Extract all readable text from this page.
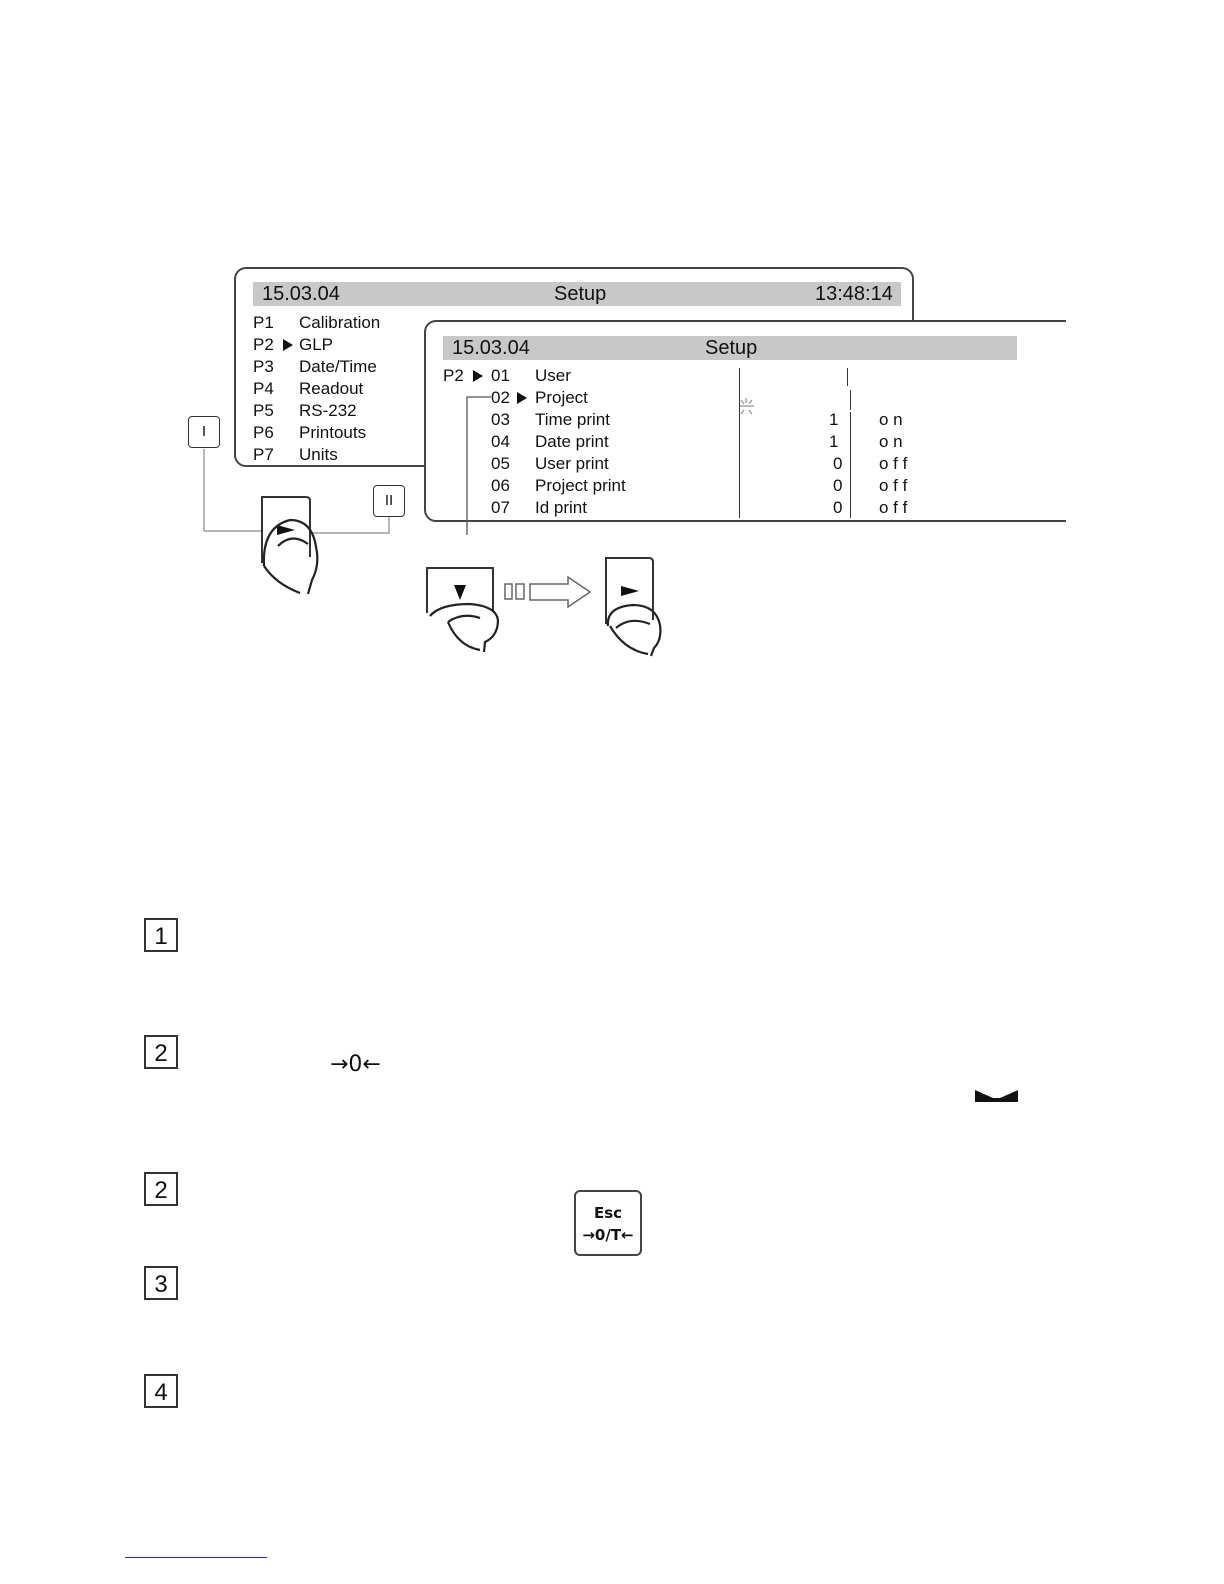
15.03.04	Setup	13:48:14
P1 Calibration
P2 GLP
P3 Date/Time
P4 Readout
P5 RS-232
P6 Printouts
P7 Units
15.03.04	Setup
P2 01 User
02 Project
03 Time print	1 o n
04 Date print	1 o n
05 User print	0 o f f
06 Project print	0 o f f
07 Id print	0 o f f
I
II
1
2
2
3
4
→0←
Esc
→0/T←
